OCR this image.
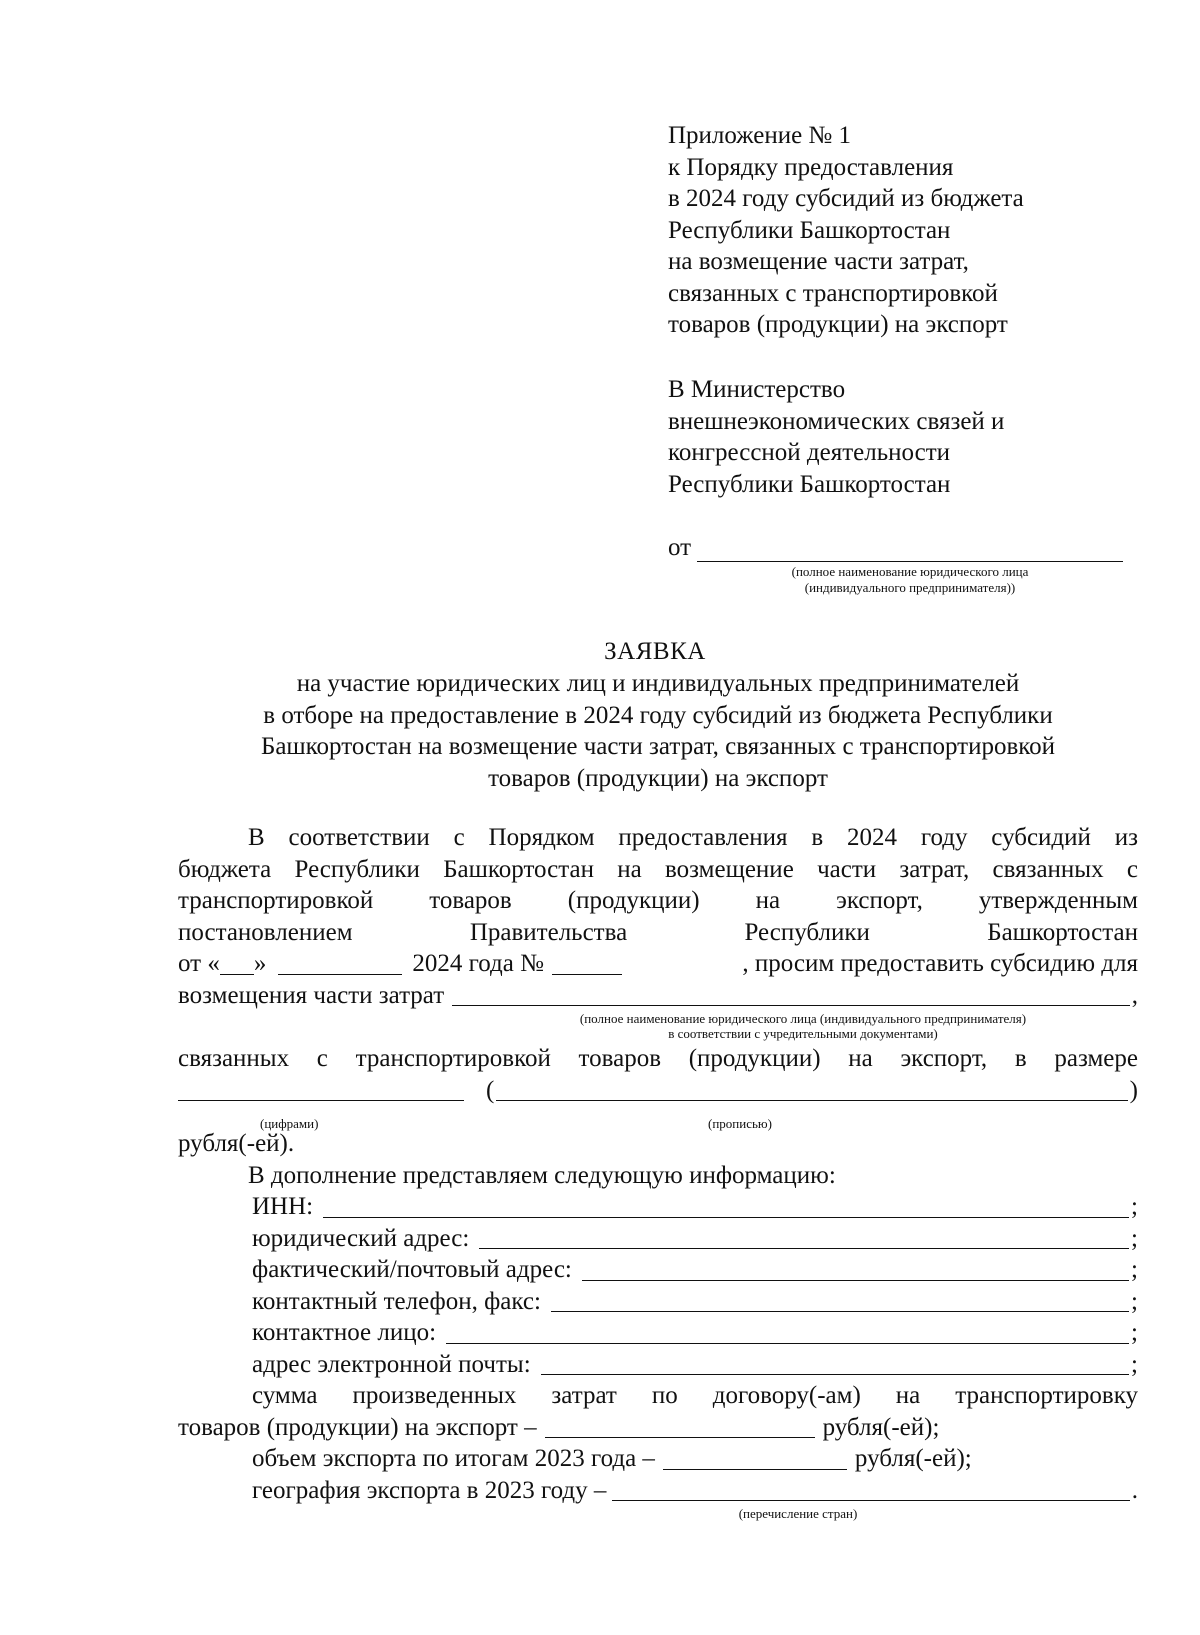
Приложение № 1
к Порядку предоставления
в 2024 году субсидий из бюджета
Республики Башкортостан
на возмещение части затрат,
связанных с транспортировкой
товаров (продукции) на экспорт
В Министерство
внешнеэкономических связей и
конгрессной деятельности
Республики Башкортостан
от
(полное наименование юридического лица
(индивидуального предпринимателя))
ЗАЯВКА
на участие юридических лиц и индивидуальных предпринимателей
в отборе на предоставление в 2024 году субсидий из бюджета Республики
Башкортостан на возмещение части затрат, связанных с транспортировкой
товаров (продукции) на экспорт
В соответствии с Порядком предоставления в 2024 году субсидий из
бюджета Республики Башкортостан на возмещение части затрат, связанных с
транспортировкой товаров (продукции) на экспорт, утвержденным
постановлением Правительства Республики Башкортостан
от « »	2024 года №	, просим предоставить субсидию для
возмещения части затрат	,
(полное наименование юридического лица (индивидуального предпринимателя)
в соответствии с учредительными документами)
связанных с транспортировкой товаров (продукции) на экспорт, в размере
(	)
(цифрами)	(прописью)
рубля(-ей).
В дополнение представляем следующую информацию:
ИНН:	;
юридический адрес:	;
фактический/почтовый адрес:	;
контактный телефон, факс:	;
контактное лицо:	;
адрес электронной почты:	;
сумма произведенных затрат по договору(-ам) на транспортировку
товаров (продукции) на экспорт –	рубля(-ей);
объем экспорта по итогам 2023 года –	рубля(-ей);
география экспорта в 2023 году –	.
(перечисление стран)
